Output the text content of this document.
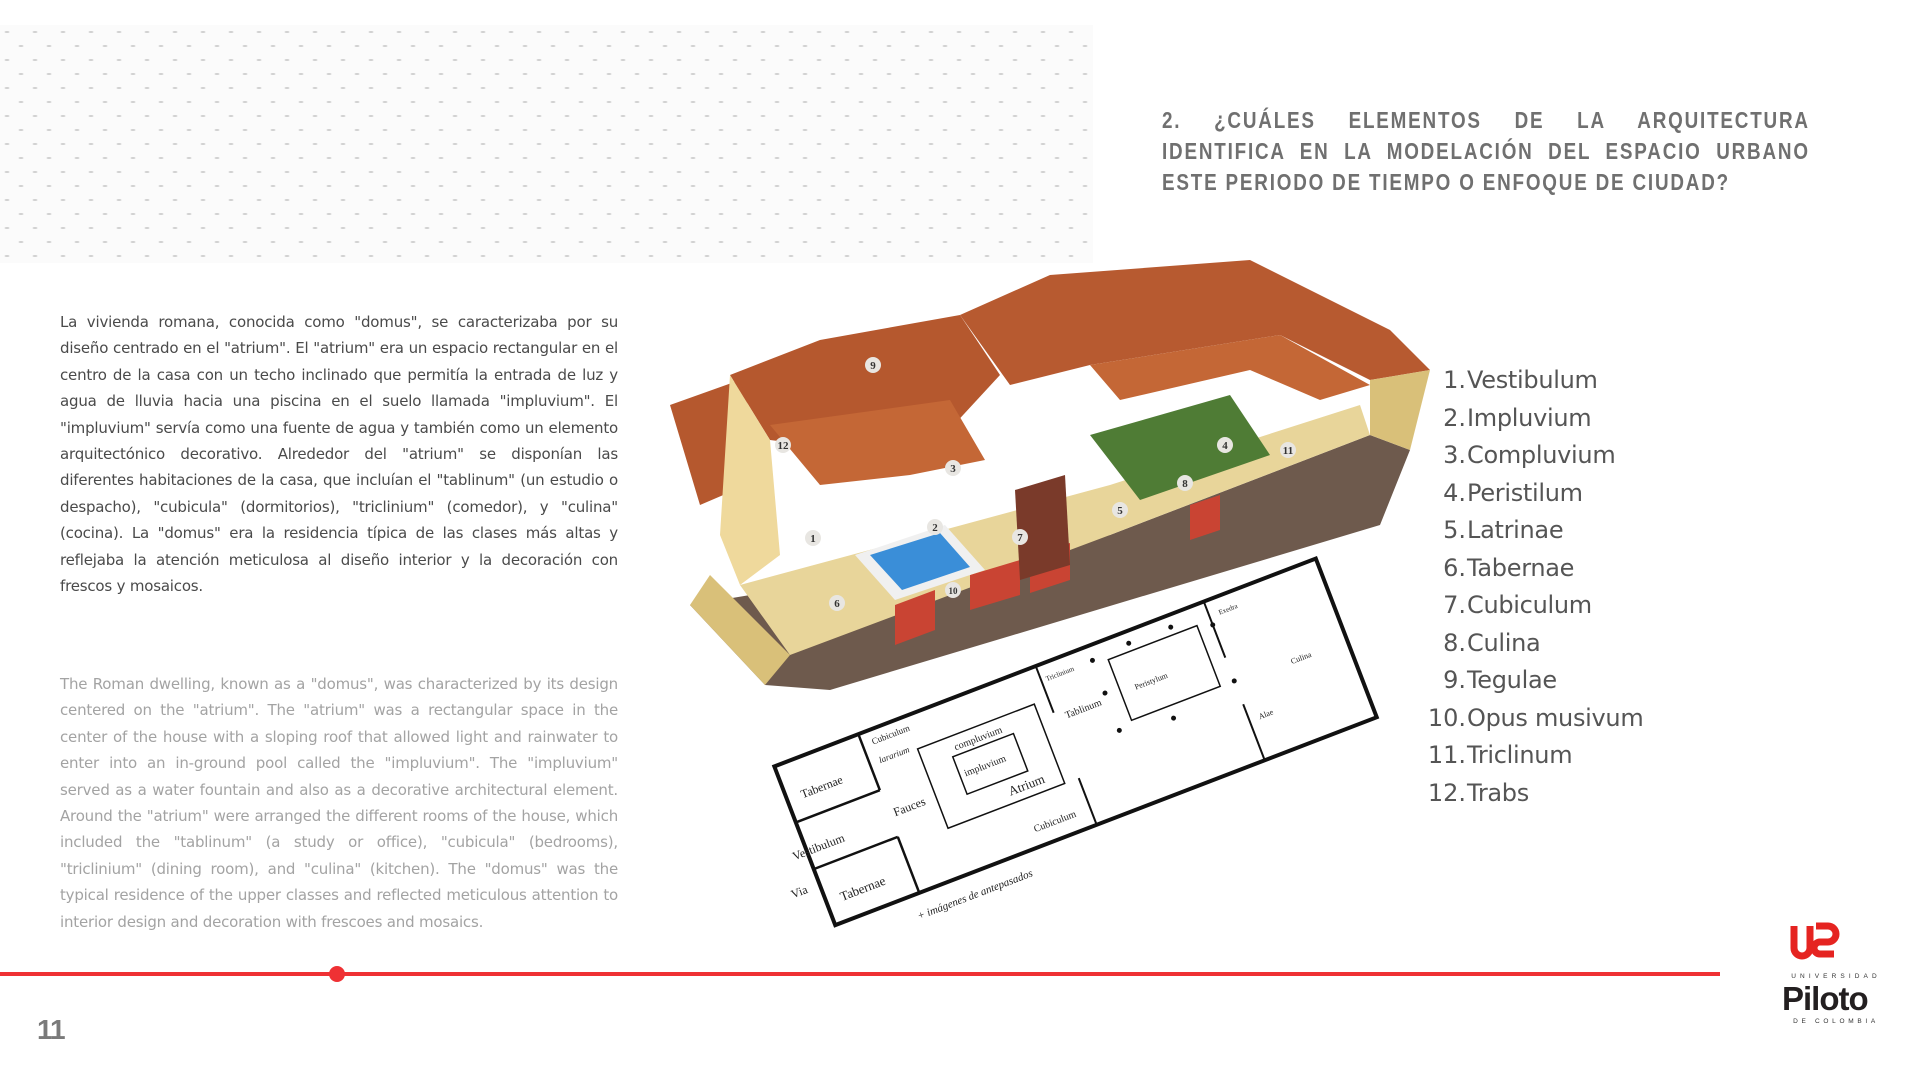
2. ¿CUÁLES ELEMENTOS DE LA ARQUITECTURA IDENTIFICA EN LA MODELACIÓN DEL ESPACIO URBANO ESTE PERIODO DE TIEMPO O ENFOQUE DE CIUDAD?

La vivienda romana, conocida como "domus", se caracterizaba por su diseño centrado en el "atrium". El "atrium" era un espacio rectangular en el centro de la casa con un techo inclinado que permitía la entrada de luz y agua de lluvia hacia una piscina en el suelo llamada "impluvium". El "impluvium" servía como una fuente de agua y también como un elemento arquitectónico decorativo. Alrededor del "atrium" se disponían las diferentes habitaciones de la casa, que incluían el "tablinum" (un estudio o despacho), "cubicula" (dormitorios), "triclinium" (comedor), y "culina" (cocina). La "domus" era la residencia típica de las clases más altas y reflejaba la atención meticulosa al diseño interior y la decoración con frescos y mosaicos.

The Roman dwelling, known as a "domus", was characterized by its design centered on the "atrium". The "atrium" was a rectangular space in the center of the house with a sloping roof that allowed light and rainwater to enter into an in-ground pool called the "impluvium". The "impluvium" served as a water fountain and also as a decorative architectural element. Around the "atrium" were arranged the different rooms of the house, which included the "tablinum" (a study or office), "cubicula" (bedrooms), "triclinium" (dining room), and "culina" (kitchen). The "domus" was the typical residence of the upper classes and reflected meticulous attention to interior design and decoration with frescoes and mosaics.

9
12
3
4	11
8
5
2
7
1
10
6
Tabernae
Tabernae
Cubiculum
lararium
compluvium
impluvium
Atrium
Fauces
Vestibulum
Via
Triclinium
Tablinum
Peristylum
Exedra
Culina
Alae
Cubiculum
+ imágenes de antepasados
1. Vestibulum
2. Impluvium
3. Compluvium
4. Peristilum
5. Latrinae
6. Tabernae
7. Cubiculum
8. Culina
9. Tegulae
10. Opus musivum
11. Triclinum
12. Trabs
11
UNIVERSIDAD
Piloto
DE COLOMBIA
